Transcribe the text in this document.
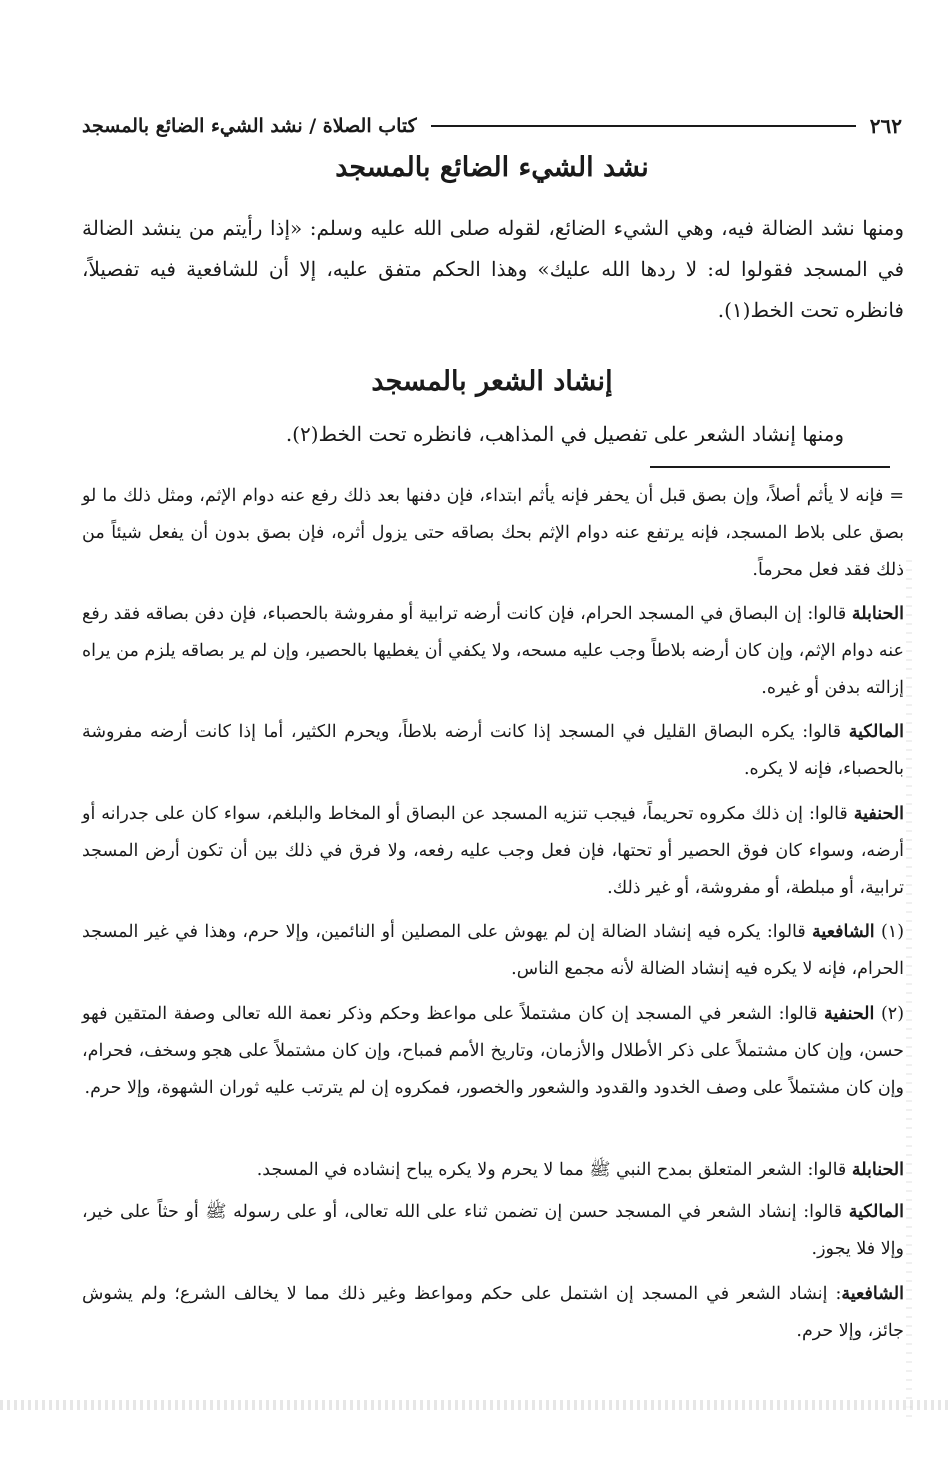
٢٦٢
كتاب الصلاة / نشد الشيء الضائع بالمسجد
نشد الشيء الضائع بالمسجد

ومنها نشد الضالة فيه، وهي الشيء الضائع، لقوله صلى الله عليه وسلم: «إذا رأيتم من ينشد الضالة في المسجد فقولوا له: لا ردها الله عليك» وهذا الحكم متفق عليه، إلا أن للشافعية فيه تفصيلاً، فانظره تحت الخط(١).

إنشاد الشعر بالمسجد

ومنها إنشاد الشعر على تفصيل في المذاهب، فانظره تحت الخط(٢).

= فإنه لا يأثم أصلاً، وإن بصق قبل أن يحفر فإنه يأثم ابتداء، فإن دفنها بعد ذلك رفع عنه دوام الإثم، ومثل ذلك ما لو بصق على بلاط المسجد، فإنه يرتفع عنه دوام الإثم بحك بصاقه حتى يزول أثره، فإن بصق بدون أن يفعل شيئاً من ذلك فقد فعل محرماً.

الحنابلة قالوا: إن البصاق في المسجد الحرام، فإن كانت أرضه ترابية أو مفروشة بالحصباء، فإن دفن بصاقه فقد رفع عنه دوام الإثم، وإن كان أرضه بلاطاً وجب عليه مسحه، ولا يكفي أن يغطيها بالحصير، وإن لم ير بصاقه يلزم من يراه إزالته بدفن أو غيره.

المالكية قالوا: يكره البصاق القليل في المسجد إذا كانت أرضه بلاطاً، ويحرم الكثير، أما إذا كانت أرضه مفروشة بالحصباء، فإنه لا يكره.

الحنفية قالوا: إن ذلك مكروه تحريماً، فيجب تنزيه المسجد عن البصاق أو المخاط والبلغم، سواء كان على جدرانه أو أرضه، وسواء كان فوق الحصير أو تحتها، فإن فعل وجب عليه رفعه، ولا فرق في ذلك بين أن تكون أرض المسجد ترابية، أو مبلطة، أو مفروشة، أو غير ذلك.

(١) الشافعية قالوا: يكره فيه إنشاد الضالة إن لم يهوش على المصلين أو النائمين، وإلا حرم، وهذا في غير المسجد الحرام، فإنه لا يكره فيه إنشاد الضالة لأنه مجمع الناس.

(٢) الحنفية قالوا: الشعر في المسجد إن كان مشتملاً على مواعظ وحكم وذكر نعمة الله تعالى وصفة المتقين فهو حسن، وإن كان مشتملاً على ذكر الأطلال والأزمان، وتاريخ الأمم فمباح، وإن كان مشتملاً على هجو وسخف، فحرام، وإن كان مشتملاً على وصف الخدود والقدود والشعور والخصور، فمكروه إن لم يترتب عليه ثوران الشهوة، وإلا حرم.

الحنابلة قالوا: الشعر المتعلق بمدح النبي ﷺ مما لا يحرم ولا يكره يباح إنشاده في المسجد.

المالكية قالوا: إنشاد الشعر في المسجد حسن إن تضمن ثناء على الله تعالى، أو على رسوله ﷺ أو حثاً على خير، وإلا فلا يجوز.

الشافعية: إنشاد الشعر في المسجد إن اشتمل على حكم ومواعظ وغير ذلك مما لا يخالف الشرع؛ ولم يشوش جائز، وإلا حرم.
